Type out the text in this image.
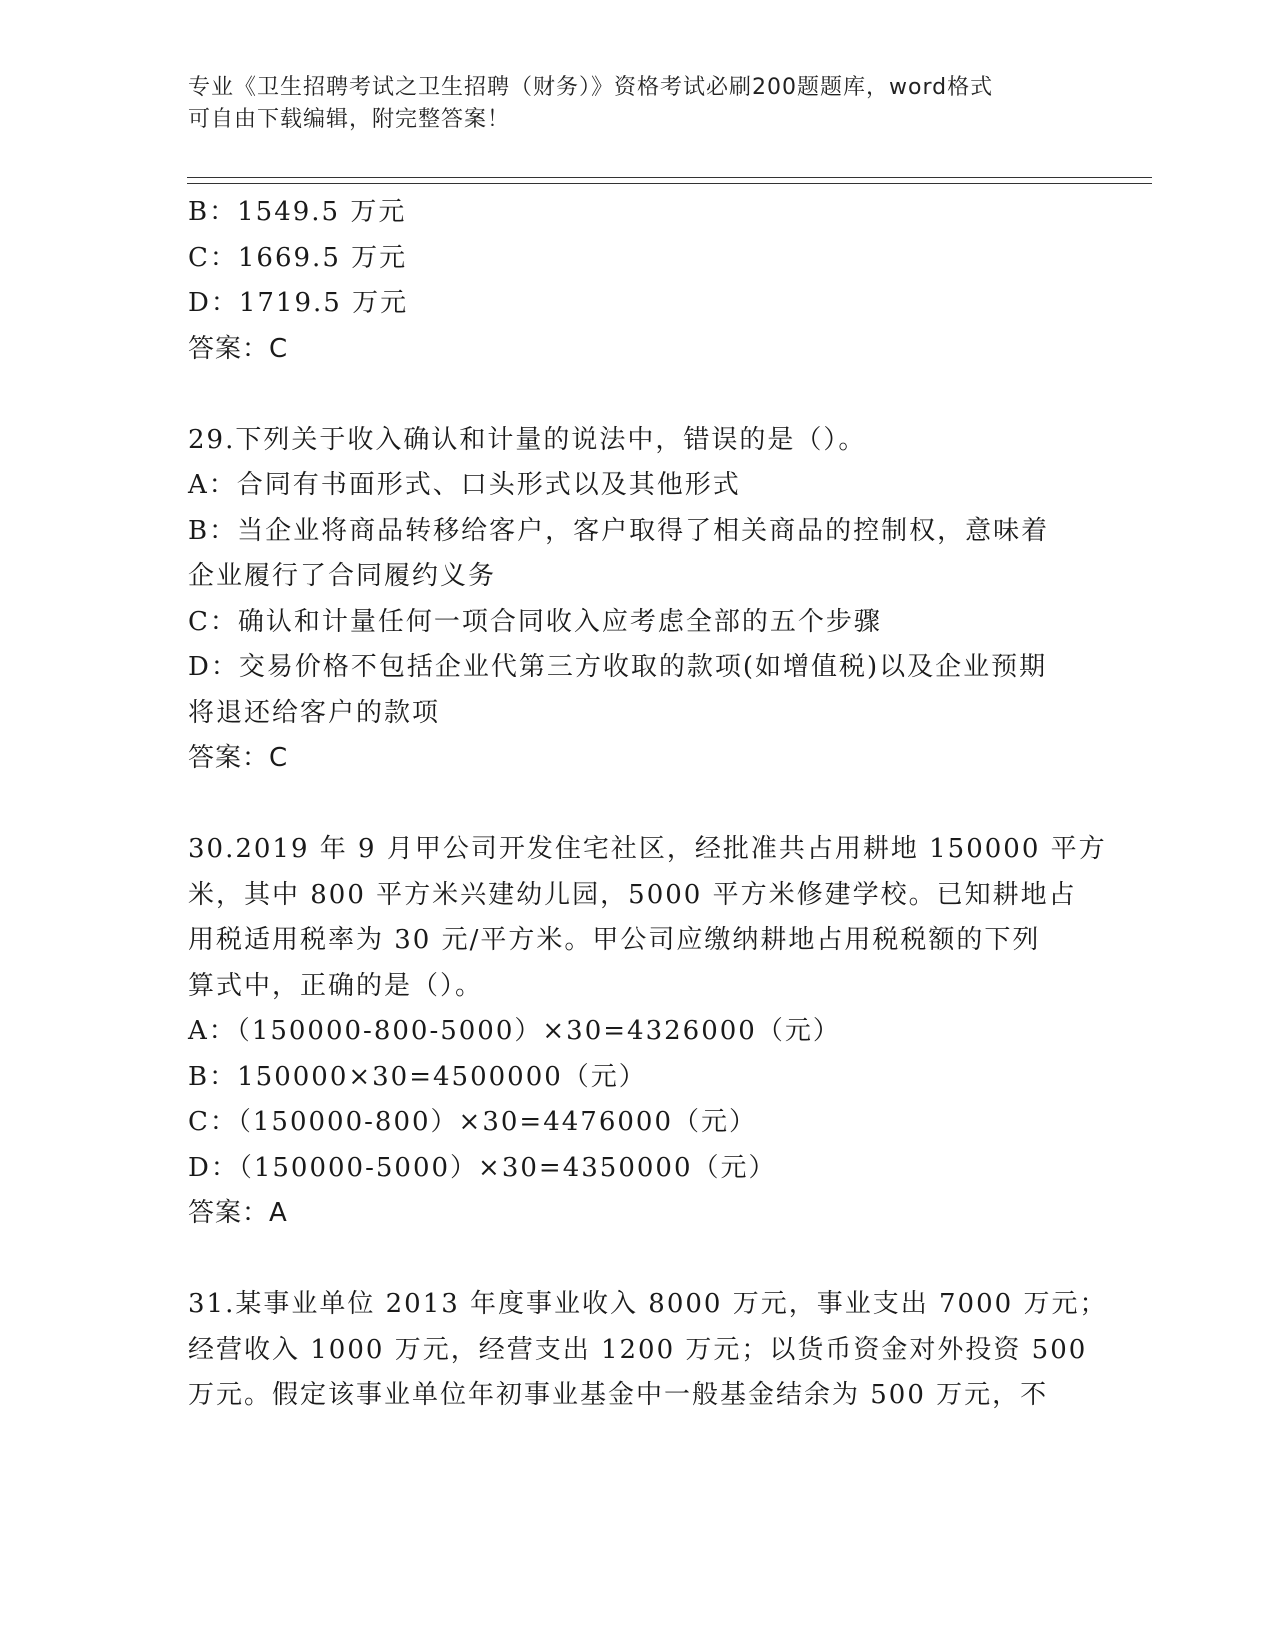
专业《卫生招聘考试之卫生招聘（财务）》资格考试必刷200题题库，word格式
可自由下载编辑，附完整答案！
B：1549.5 万元
C：1669.5 万元
D：1719.5 万元
答案：C
29.下列关于收入确认和计量的说法中，错误的是（）。
A：合同有书面形式、口头形式以及其他形式
B：当企业将商品转移给客户，客户取得了相关商品的控制权，意味着
企业履行了合同履约义务
C：确认和计量任何一项合同收入应考虑全部的五个步骤
D：交易价格不包括企业代第三方收取的款项(如增值税)以及企业预期
将退还给客户的款项
答案：C
30.2019 年 9 月甲公司开发住宅社区，经批准共占用耕地 150000 平方
米，其中 800 平方米兴建幼儿园，5000 平方米修建学校。已知耕地占
用税适用税率为 30 元/平方米。甲公司应缴纳耕地占用税税额的下列
算式中，正确的是（）。
A：（150000-800-5000）×30=4326000（元）
B：150000×30=4500000（元）
C：（150000-800）×30=4476000（元）
D：（150000-5000）×30=4350000（元）
答案：A
31.某事业单位 2013 年度事业收入 8000 万元，事业支出 7000 万元；
经营收入 1000 万元，经营支出 1200 万元；以货币资金对外投资 500
万元。假定该事业单位年初事业基金中一般基金结余为 500 万元，不
